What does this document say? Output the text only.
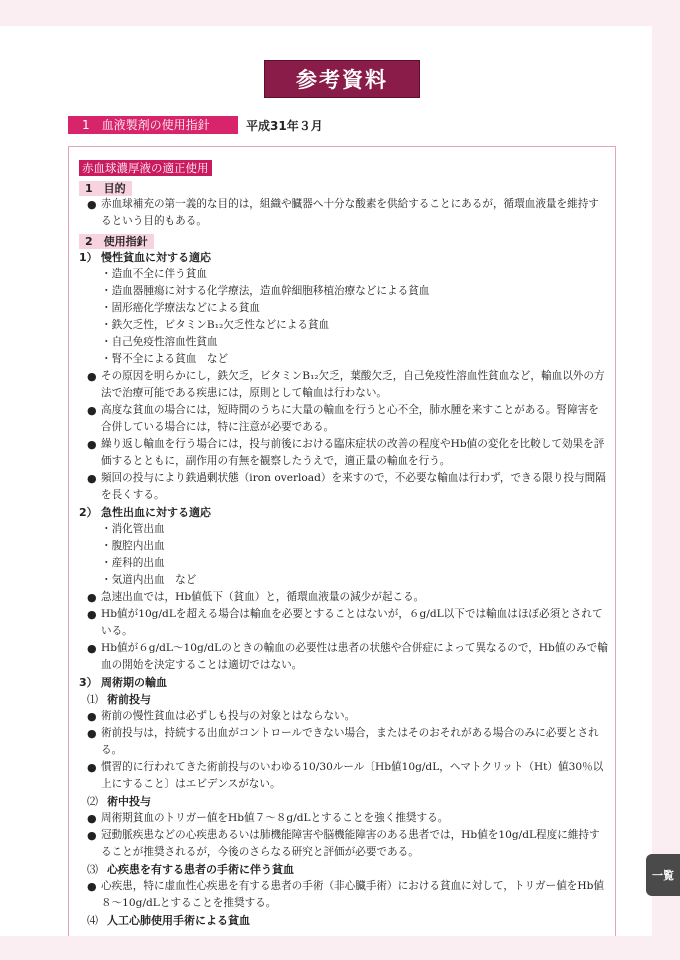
参考資料
1　血液製剤の使用指針	平成31年３月
赤血球濃厚液の適正使用
1　目的
● 赤血球補充の第一義的な目的は，組織や臓器へ十分な酸素を供給することにあるが，循環血液量を維持するという目的もある。
2　使用指針
1） 慢性貧血に対する適応
・造血不全に伴う貧血
・造血器腫瘍に対する化学療法，造血幹細胞移植治療などによる貧血
・固形癌化学療法などによる貧血
・鉄欠乏性，ビタミンB₁₂欠乏性などによる貧血
・自己免疫性溶血性貧血
・腎不全による貧血　など
● その原因を明らかにし，鉄欠乏，ビタミンB₁₂欠乏，葉酸欠乏，自己免疫性溶血性貧血など，輸血以外の方法で治療可能である疾患には，原則として輸血は行わない。
● 高度な貧血の場合には，短時間のうちに大量の輸血を行うと心不全，肺水腫を来すことがある。腎障害を合併している場合には，特に注意が必要である。
● 繰り返し輸血を行う場合には，投与前後における臨床症状の改善の程度やHb値の変化を比較して効果を評価するとともに，副作用の有無を観察したうえで，適正量の輸血を行う。
● 頻回の投与により鉄過剰状態（iron overload）を来すので，不必要な輸血は行わず，できる限り投与間隔を長くする。
2） 急性出血に対する適応
・消化管出血
・腹腔内出血
・産科的出血
・気道内出血　など
● 急速出血では，Hb値低下（貧血）と，循環血液量の減少が起こる。
● Hb値が10g/dLを超える場合は輸血を必要とすることはないが，６g/dL以下では輸血はほぼ必須とされている。
● Hb値が６g/dL～10g/dLのときの輸血の必要性は患者の状態や合併症によって異なるので，Hb値のみで輸血の開始を決定することは適切ではない。
3） 周術期の輸血
⑴ 術前投与
● 術前の慢性貧血は必ずしも投与の対象とはならない。
● 術前投与は，持続する出血がコントロールできない場合，またはそのおそれがある場合のみに必要とされる。
● 慣習的に行われてきた術前投与のいわゆる10/30ルール〔Hb値10g/dL，ヘマトクリット（Ht）値30％以上にすること〕はエビデンスがない。
⑵ 術中投与
● 周術期貧血のトリガー値をHb値７～８g/dLとすることを強く推奨する。
● 冠動脈疾患などの心疾患あるいは肺機能障害や脳機能障害のある患者では，Hb値を10g/dL程度に維持することが推奨されるが，今後のさらなる研究と評価が必要である。
⑶ 心疾患を有する患者の手術に伴う貧血
● 心疾患，特に虚血性心疾患を有する患者の手術（非心臓手術）における貧血に対して，トリガー値をHb値８～10g/dLとすることを推奨する。
⑷ 人工心肺使用手術による貧血
一覧
